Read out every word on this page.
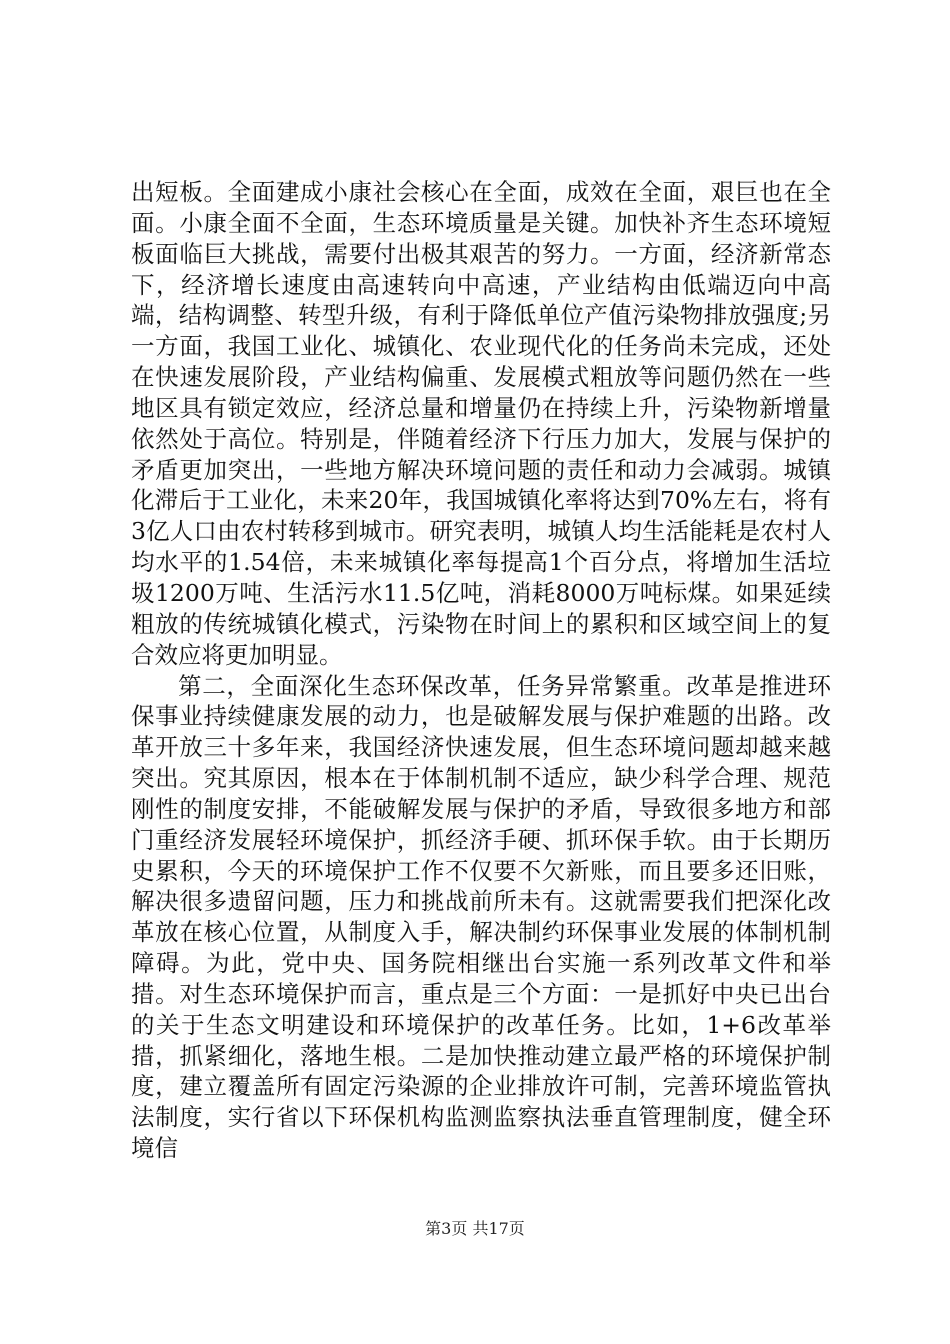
出短板。全面建成小康社会核心在全面，成效在全面，艰巨也在全面。小康全面不全面，生态环境质量是关键。加快补齐生态环境短板面临巨大挑战，需要付出极其艰苦的努力。一方面，经济新常态下，经济增长速度由高速转向中高速，产业结构由低端迈向中高端，结构调整、转型升级，有利于降低单位产值污染物排放强度;另一方面，我国工业化、城镇化、农业现代化的任务尚未完成，还处在快速发展阶段，产业结构偏重、发展模式粗放等问题仍然在一些地区具有锁定效应，经济总量和增量仍在持续上升，污染物新增量依然处于高位。特别是，伴随着经济下行压力加大，发展与保护的矛盾更加突出，一些地方解决环境问题的责任和动力会减弱。城镇化滞后于工业化，未来20年，我国城镇化率将达到70%左右，将有3亿人口由农村转移到城市。研究表明，城镇人均生活能耗是农村人均水平的1.54倍，未来城镇化率每提高1个百分点，将增加生活垃圾1200万吨、生活污水11.5亿吨，消耗8000万吨标煤。如果延续粗放的传统城镇化模式，污染物在时间上的累积和区域空间上的复合效应将更加明显。

第二，全面深化生态环保改革，任务异常繁重。改革是推进环保事业持续健康发展的动力，也是破解发展与保护难题的出路。改革开放三十多年来，我国经济快速发展，但生态环境问题却越来越突出。究其原因，根本在于体制机制不适应，缺少科学合理、规范刚性的制度安排，不能破解发展与保护的矛盾，导致很多地方和部门重经济发展轻环境保护，抓经济手硬、抓环保手软。由于长期历史累积，今天的环境保护工作不仅要不欠新账，而且要多还旧账，解决很多遗留问题，压力和挑战前所未有。这就需要我们把深化改革放在核心位置，从制度入手，解决制约环保事业发展的体制机制障碍。为此，党中央、国务院相继出台实施一系列改革文件和举措。对生态环境保护而言，重点是三个方面：一是抓好中央已出台的关于生态文明建设和环境保护的改革任务。比如，1+6改革举措，抓紧细化，落地生根。二是加快推动建立最严格的环境保护制度，建立覆盖所有固定污染源的企业排放许可制，完善环境监管执法制度，实行省以下环保机构监测监察执法垂直管理制度，健全环境信

第3页 共17页
